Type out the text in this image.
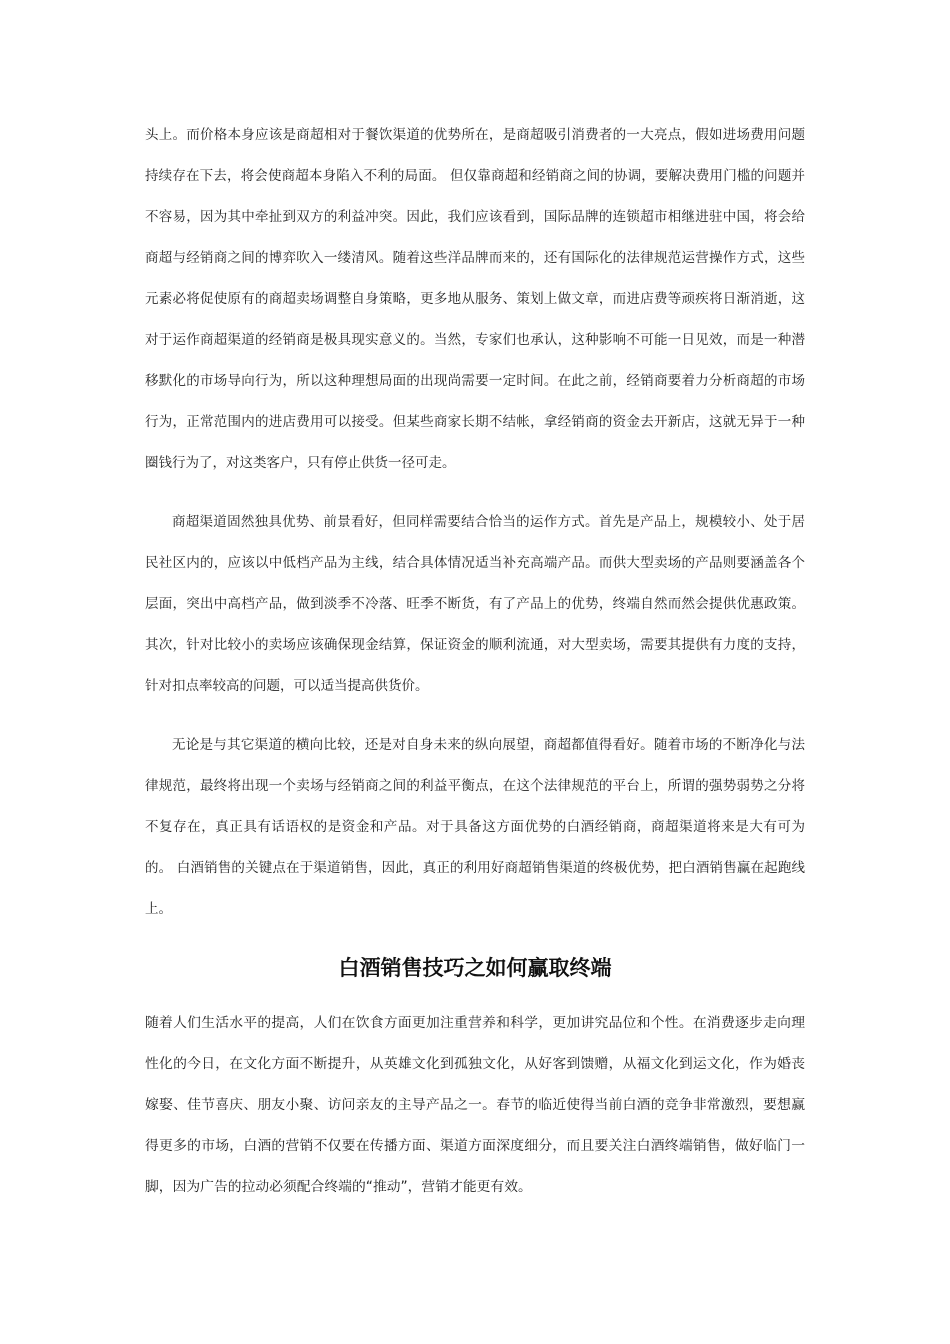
头上。而价格本身应该是商超相对于餐饮渠道的优势所在，是商超吸引消费者的一大亮点，假如进场费用问题持续存在下去，将会使商超本身陷入不利的局面。 但仅靠商超和经销商之间的协调，要解决费用门槛的问题并不容易，因为其中牵扯到双方的利益冲突。因此，我们应该看到，国际品牌的连锁超市相继进驻中国，将会给商超与经销商之间的博弈吹入一缕清风。随着这些洋品牌而来的，还有国际化的法律规范运营操作方式，这些元素必将促使原有的商超卖场调整自身策略，更多地从服务、策划上做文章，而进店费等顽疾将日渐消逝，这对于运作商超渠道的经销商是极具现实意义的。当然，专家们也承认，这种影响不可能一日见效，而是一种潜移默化的市场导向行为，所以这种理想局面的出现尚需要一定时间。在此之前，经销商要着力分析商超的市场行为，正常范围内的进店费用可以接受。但某些商家长期不结帐，拿经销商的资金去开新店，这就无异于一种圈钱行为了，对这类客户，只有停止供货一径可走。

商超渠道固然独具优势、前景看好，但同样需要结合恰当的运作方式。首先是产品上，规模较小、处于居民社区内的，应该以中低档产品为主线，结合具体情况适当补充高端产品。而供大型卖场的产品则要涵盖各个层面，突出中高档产品，做到淡季不冷落、旺季不断货，有了产品上的优势，终端自然而然会提供优惠政策。其次，针对比较小的卖场应该确保现金结算，保证资金的顺利流通，对大型卖场，需要其提供有力度的支持，针对扣点率较高的问题，可以适当提高供货价。

无论是与其它渠道的横向比较，还是对自身未来的纵向展望，商超都值得看好。随着市场的不断净化与法律规范，最终将出现一个卖场与经销商之间的利益平衡点，在这个法律规范的平台上，所谓的强势弱势之分将不复存在，真正具有话语权的是资金和产品。对于具备这方面优势的白酒经销商，商超渠道将来是大有可为的。 白酒销售的关键点在于渠道销售，因此，真正的利用好商超销售渠道的终极优势，把白酒销售赢在起跑线上。

白酒销售技巧之如何赢取终端

随着人们生活水平的提高，人们在饮食方面更加注重营养和科学，更加讲究品位和个性。在消费逐步走向理性化的今日，在文化方面不断提升，从英雄文化到孤独文化，从好客到馈赠，从福文化到运文化，作为婚丧嫁娶、佳节喜庆、朋友小聚、访问亲友的主导产品之一。春节的临近使得当前白酒的竞争非常激烈，要想赢得更多的市场，白酒的营销不仅要在传播方面、渠道方面深度细分，而且要关注白酒终端销售，做好临门一脚，因为广告的拉动必须配合终端的“推动”，营销才能更有效。
